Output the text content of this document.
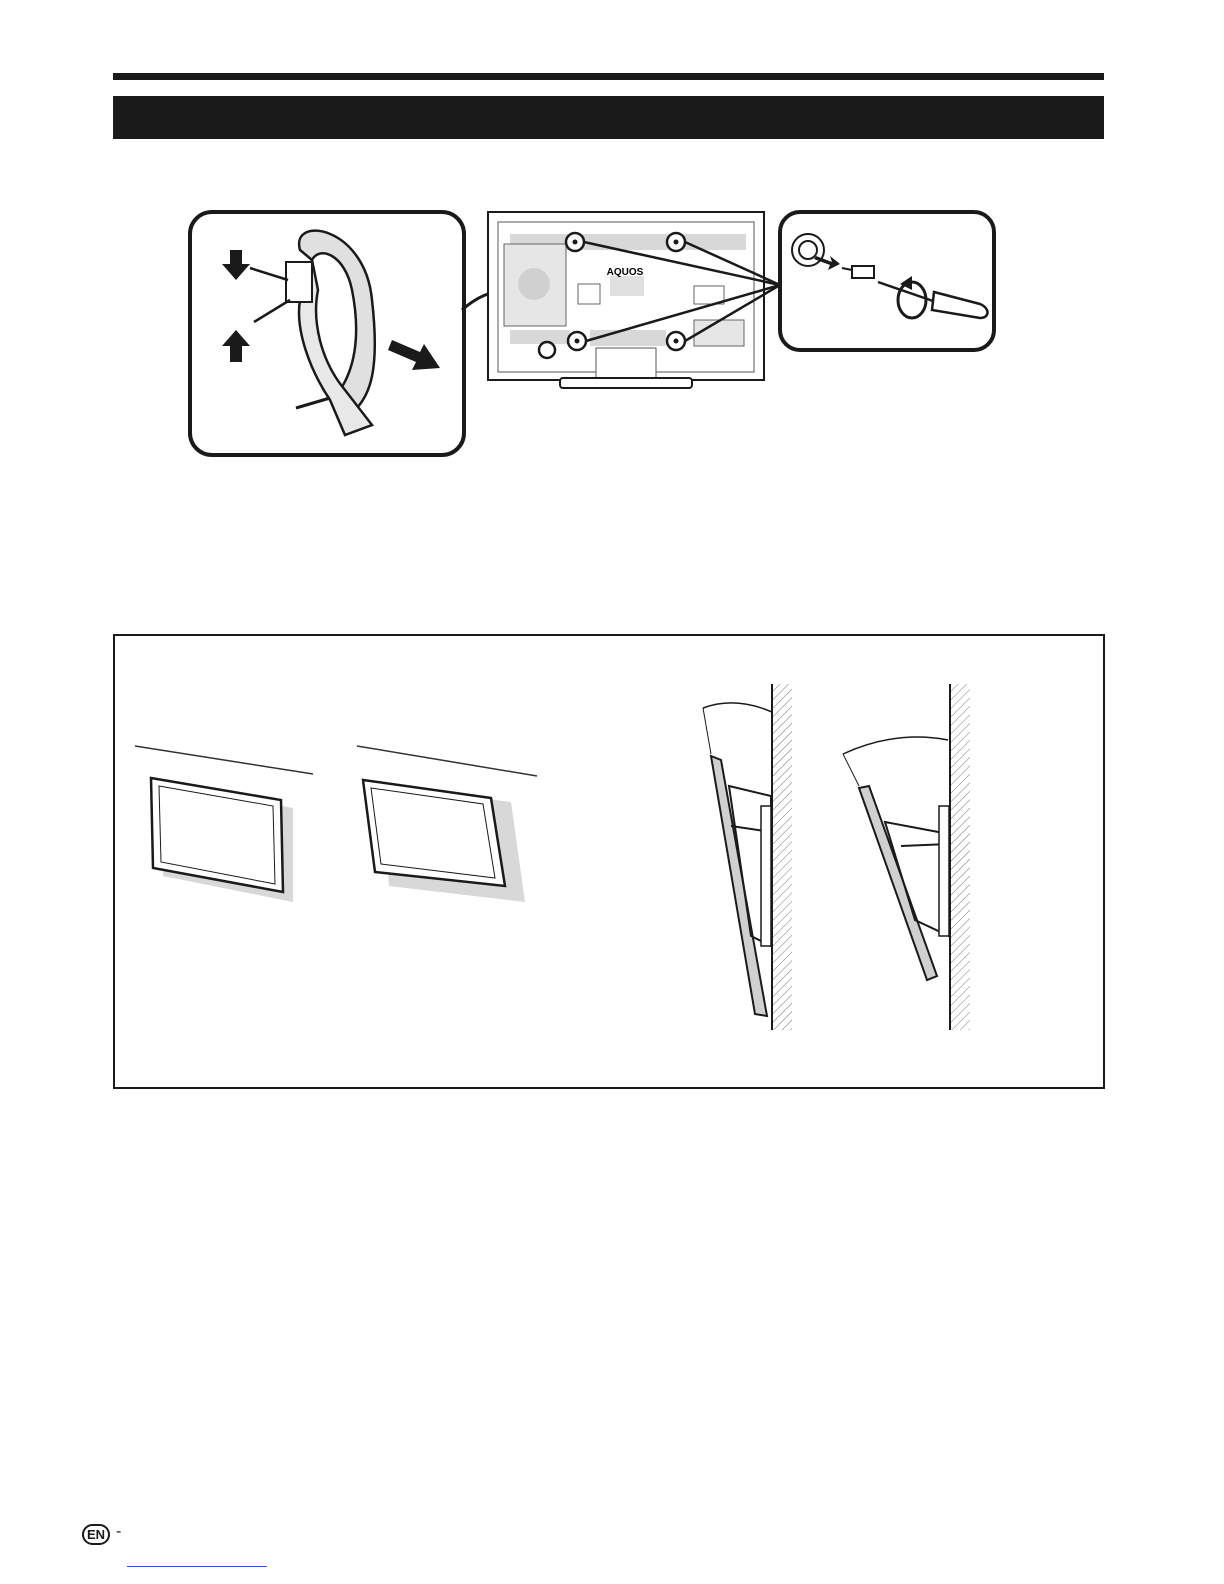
AQUOS
EN -
